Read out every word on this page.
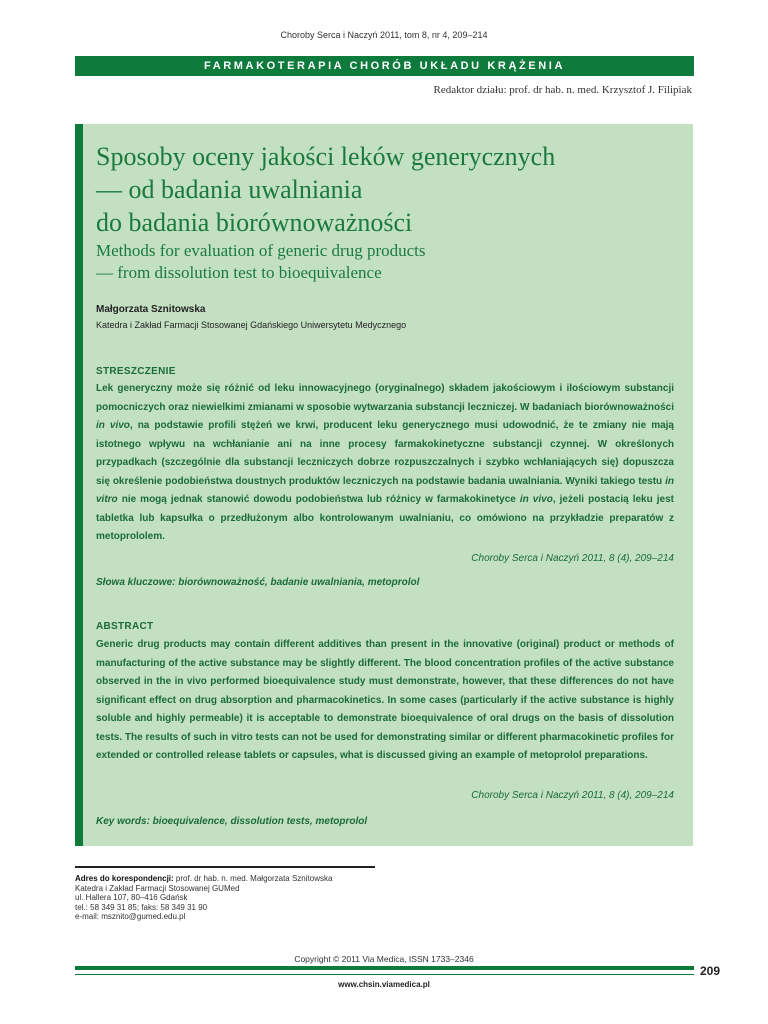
Choroby Serca i Naczyń 2011, tom 8, nr 4, 209–214
FARMAKOTERAPIA CHORÓB UKŁADU KRĄŻENIA
Redaktor działu: prof. dr hab. n. med. Krzysztof J. Filipiak
Sposoby oceny jakości leków generycznych
— od badania uwalniania
do badania biorównoważności
Methods for evaluation of generic drug products
— from dissolution test to bioequivalence
Małgorzata Sznitowska
Katedra i Zakład Farmacji Stosowanej Gdańskiego Uniwersytetu Medycznego
STRESZCZENIE

Lek generyczny może się różnić od leku innowacyjnego (oryginalnego) składem jakościowym i ilościowym substancji pomocniczych oraz niewielkimi zmianami w sposobie wytwarzania substancji leczniczej. W badaniach biorównoważności in vivo, na podstawie profili stężeń we krwi, producent leku generycznego musi udowodnić, że te zmiany nie mają istotnego wpływu na wchłanianie ani na inne procesy farmakokinetyczne substancji czynnej. W określonych przypadkach (szczególnie dla substancji leczniczych dobrze rozpuszczalnych i szybko wchłaniających się) dopuszcza się określenie podobieństwa doustnych produktów leczniczych na podstawie badania uwalniania. Wyniki takiego testu in vitro nie mogą jednak stanowić dowodu podobieństwa lub różnicy w farmakokinetyce in vivo, jeżeli postacią leku jest tabletka lub kapsułka o przedłużonym albo kontrolowanym uwalnianiu, co omówiono na przykładzie preparatów z metoprololem.

Choroby Serca i Naczyń 2011, 8 (4), 209–214
Słowa kluczowe: biorównoważność, badanie uwalniania, metoprolol
ABSTRACT

Generic drug products may contain different additives than present in the innovative (original) product or methods of manufacturing of the active substance may be slightly different. The blood concentration profiles of the active substance observed in the in vivo performed bioequivalence study must demonstrate, however, that these differences do not have significant effect on drug absorption and pharmacokinetics. In some cases (particularly if the active substance is highly soluble and highly permeable) it is acceptable to demonstrate bioequivalence of oral drugs on the basis of dissolution tests. The results of such in vitro tests can not be used for demonstrating similar or different pharmacokinetic profiles for extended or controlled release tablets or capsules, what is discussed giving an example of metoprolol preparations.

Choroby Serca i Naczyń 2011, 8 (4), 209–214
Key words: bioequivalence, dissolution tests, metoprolol
Adres do korespondencji: prof. dr hab. n. med. Małgorzata Sznitowska
Katedra i Zakład Farmacji Stosowanej GUMed
ul. Hallera 107, 80–416 Gdańsk
tel.: 58 349 31 85; faks: 58 349 31 90
e-mail: msznito@gumed.edu.pl
Copyright © 2011 Via Medica, ISSN 1733–2346
209
www.chsin.viamedica.pl
